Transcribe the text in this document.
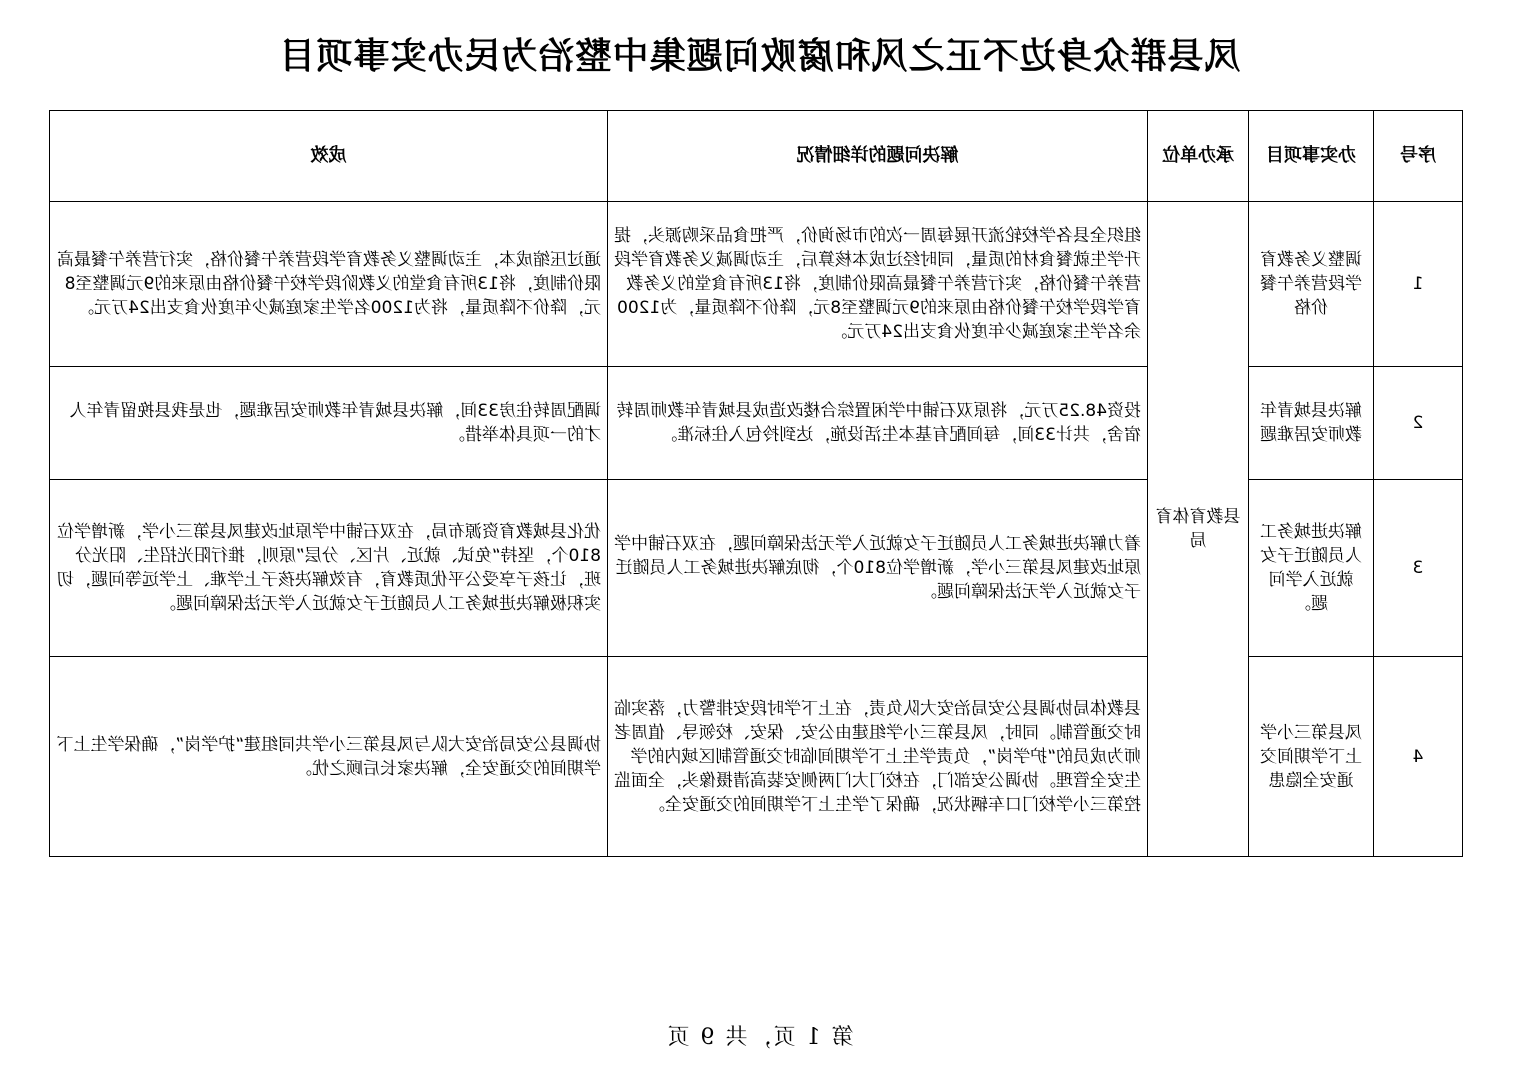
凤县群众身边不正之风和腐败问题集中整治为民办实事项目
序号	办实事项目	承办单位	解决问题的详细情况	成效
1	调整义务教育学段营养午餐价格	县教育体育局	组织全县各学校轮流开展每周一次的市场询价，严把食品采购源头，提升学生就餐食材的质量，同时经过成本核算后，主动调减义务教育学段营养午餐价格，实行营养午餐最高限价制度，将13所有食堂的义务教育学段学校午餐价格由原来的9元调整至8元，降价不降质量，为1200余名学生家庭减少年度伙食支出24万元。	通过压缩成本，主动调整义务教育学段营养午餐价格，实行营养午餐最高限价制度，将13所有食堂的义教阶段学校午餐价格由原来的9元调整至8元，降价不降质量，将为1200名学生家庭减少年度伙食支出24万元。
2	解决县城青年教师安居难题		投资48.25万元，将原双石铺中学闲置综合楼改造成县城青年教师周转宿舍，共计33间，每间配有基本生活设施，达到拎包入住标准。	调配周转住房33间，解决县城青年教师安居难题，也是我县挽留青年人才的一项具体举措。
3	解决进城务工人员随迁子女就近入学问题。		着力解决进城务工人员随迁子女就近入学无法保障问题，在双石铺中学原址改建凤县第三小学，新增学位810个，彻底解决进城务工人员随迁子女就近入学无法保障问题。	优化县城教育资源布局，在双石铺中学原址改建凤县第三小学，新增学位810个，坚持“免试、就近、片区、分层”原则，推行阳光招生、阳光分班，让孩子享受公平优质教育，有效解决孩子上学难、上学远等问题，切实积极解决进城务工人员随迁子女就近入学无法保障问题。
4	凤县第三小学上下学期间交通安全隐患		县教体局协调县公安局治安大队负责，在上下学时段安排警力，落实临时交通管制。同时，凤县第三小学组建由公安、保安、校领导、值周老师为成员的“护学岗”，负责学生上下学期间临时交通管制区域内的学生安全管理。协调公安部门，在校门大门两侧安装高清摄像头，全面监控第三小学校门口车辆状况，确保了学生上下学期间的交通安全。	协调县公安局治安大队与凤县第三小学共同组建“护学岗”，确保学生上下学期间的交通安全，解决家长后顾之忧。
第 1 页，共 9 页
